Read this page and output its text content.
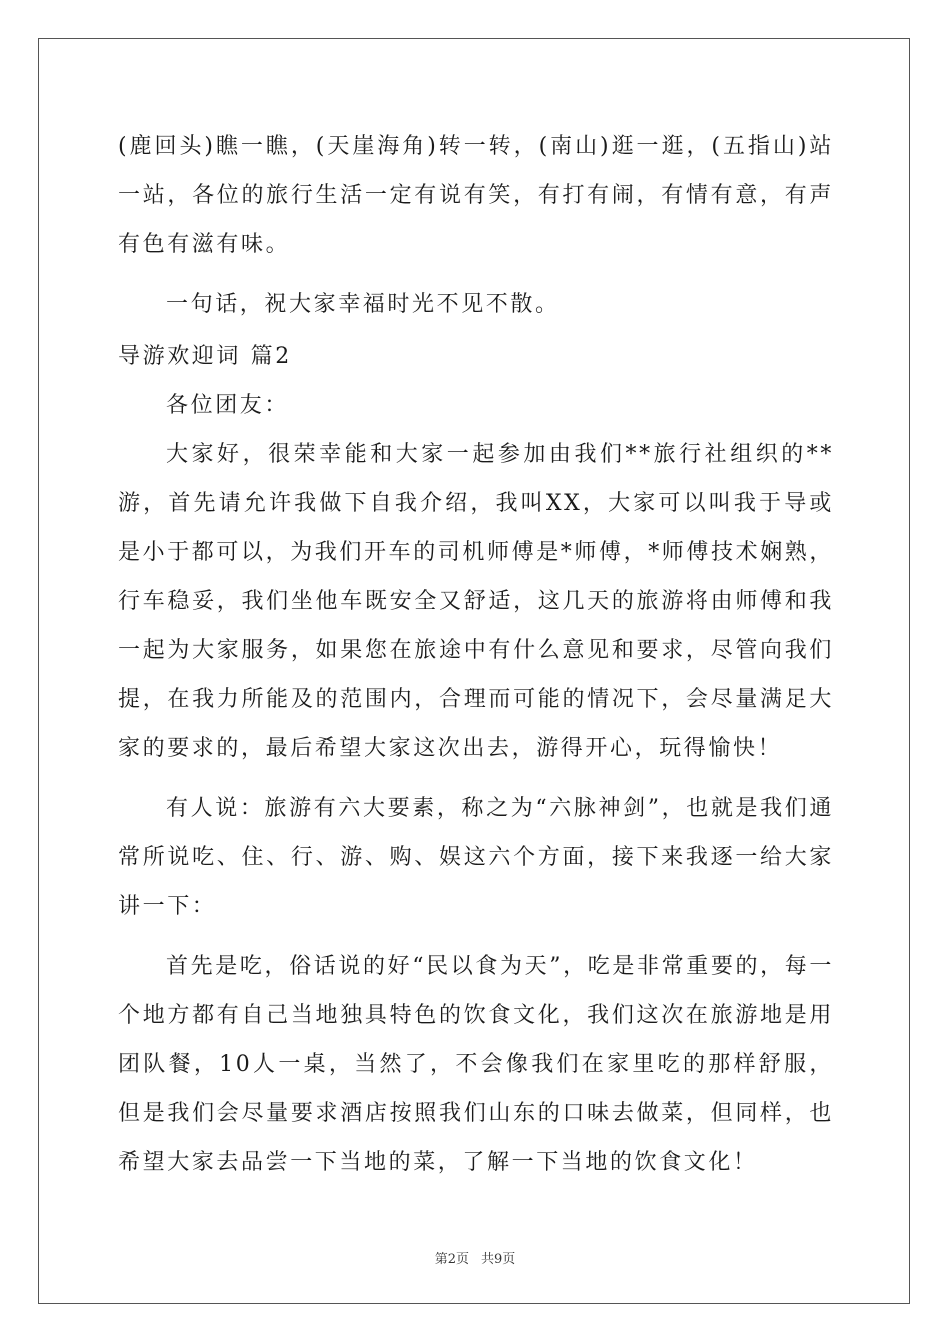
(鹿回头)瞧一瞧，(天崖海角)转一转，(南山)逛一逛，(五指山)站一站，各位的旅行生活一定有说有笑，有打有闹，有情有意，有声有色有滋有味。

一句话，祝大家幸福时光不见不散。

导游欢迎词 篇2

各位团友：

大家好，很荣幸能和大家一起参加由我们**旅行社组织的**游，首先请允许我做下自我介绍，我叫XX，大家可以叫我于导或是小于都可以，为我们开车的司机师傅是*师傅，*师傅技术娴熟，行车稳妥，我们坐他车既安全又舒适，这几天的旅游将由师傅和我一起为大家服务，如果您在旅途中有什么意见和要求，尽管向我们提，在我力所能及的范围内，合理而可能的情况下，会尽量满足大家的要求的，最后希望大家这次出去，游得开心，玩得愉快！

有人说：旅游有六大要素，称之为“六脉神剑”，也就是我们通常所说吃、住、行、游、购、娱这六个方面，接下来我逐一给大家讲一下：

首先是吃，俗话说的好“民以食为天”，吃是非常重要的，每一个地方都有自己当地独具特色的饮食文化，我们这次在旅游地是用团队餐，10人一桌，当然了，不会像我们在家里吃的那样舒服，但是我们会尽量要求酒店按照我们山东的口味去做菜，但同样，也希望大家去品尝一下当地的菜，了解一下当地的饮食文化！

第2页 共9页
